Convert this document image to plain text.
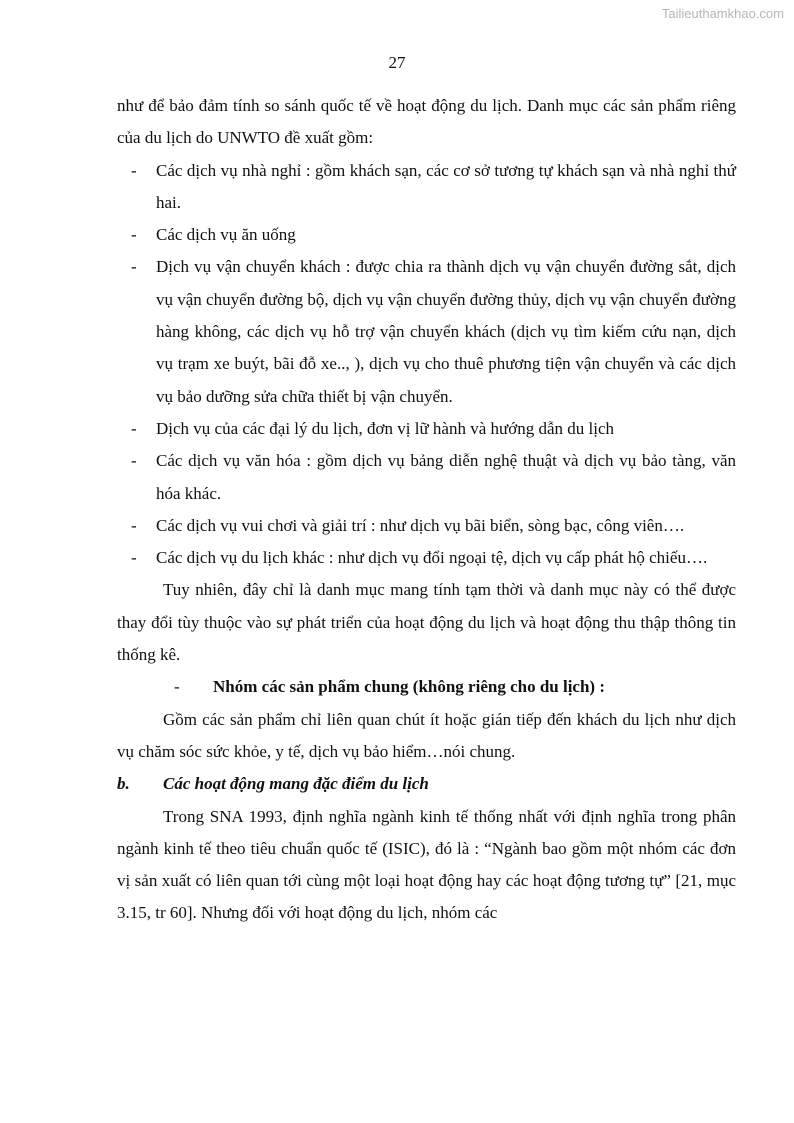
Tailieuthamkhao.com
27

như để bảo đảm tính so sánh quốc tế về hoạt động du lịch. Danh mục các sản phẩm riêng của du lịch do UNWTO đề xuất gồm:

- Các dịch vụ nhà nghỉ : gồm khách sạn, các cơ sở tương tự khách sạn và nhà nghỉ thứ hai.
- Các dịch vụ ăn uống
- Dịch vụ vận chuyển khách : được chia ra thành dịch vụ vận chuyển đường sắt, dịch vụ vận chuyển đường bộ, dịch vụ vận chuyển đường thủy, dịch vụ vận chuyển đường hàng không, các dịch vụ hỗ trợ vận chuyển khách (dịch vụ tìm kiếm cứu nạn, dịch vụ trạm xe buýt, bãi đỗ xe.., ), dịch vụ cho thuê phương tiện vận chuyển và các dịch vụ bảo dưỡng sửa chữa thiết bị vận chuyển.
- Dịch vụ của các đại lý du lịch, đơn vị lữ hành và hướng dẫn du lịch
- Các dịch vụ văn hóa : gồm dịch vụ bảng diễn nghệ thuật và dịch vụ bảo tàng, văn hóa khác.
- Các dịch vụ vui chơi và giải trí : như dịch vụ bãi biển, sòng bạc, công viên….
- Các dịch vụ du lịch khác : như dịch vụ đổi ngoại tệ, dịch vụ cấp phát hộ chiếu….

Tuy nhiên, đây chỉ là danh mục mang tính tạm thời và danh mục này có thể được thay đổi tùy thuộc vào sự phát triển của hoạt động du lịch và hoạt động thu thập thông tin thống kê.

- Nhóm các sản phẩm chung (không riêng cho du lịch) :

Gồm các sản phẩm chỉ liên quan chút ít hoặc gián tiếp đến khách du lịch như dịch vụ chăm sóc sức khỏe, y tế, dịch vụ bảo hiểm…nói chung.

b. Các hoạt động mang đặc điểm du lịch

Trong SNA 1993, định nghĩa ngành kinh tế thống nhất với định nghĩa trong phân ngành kinh tế theo tiêu chuẩn quốc tế (ISIC), đó là : “Ngành bao gồm một nhóm các đơn vị sản xuất có liên quan tới cùng một loại hoạt động hay các hoạt động tương tự” [21, mục 3.15, tr 60]. Nhưng đối với hoạt động du lịch, nhóm các
